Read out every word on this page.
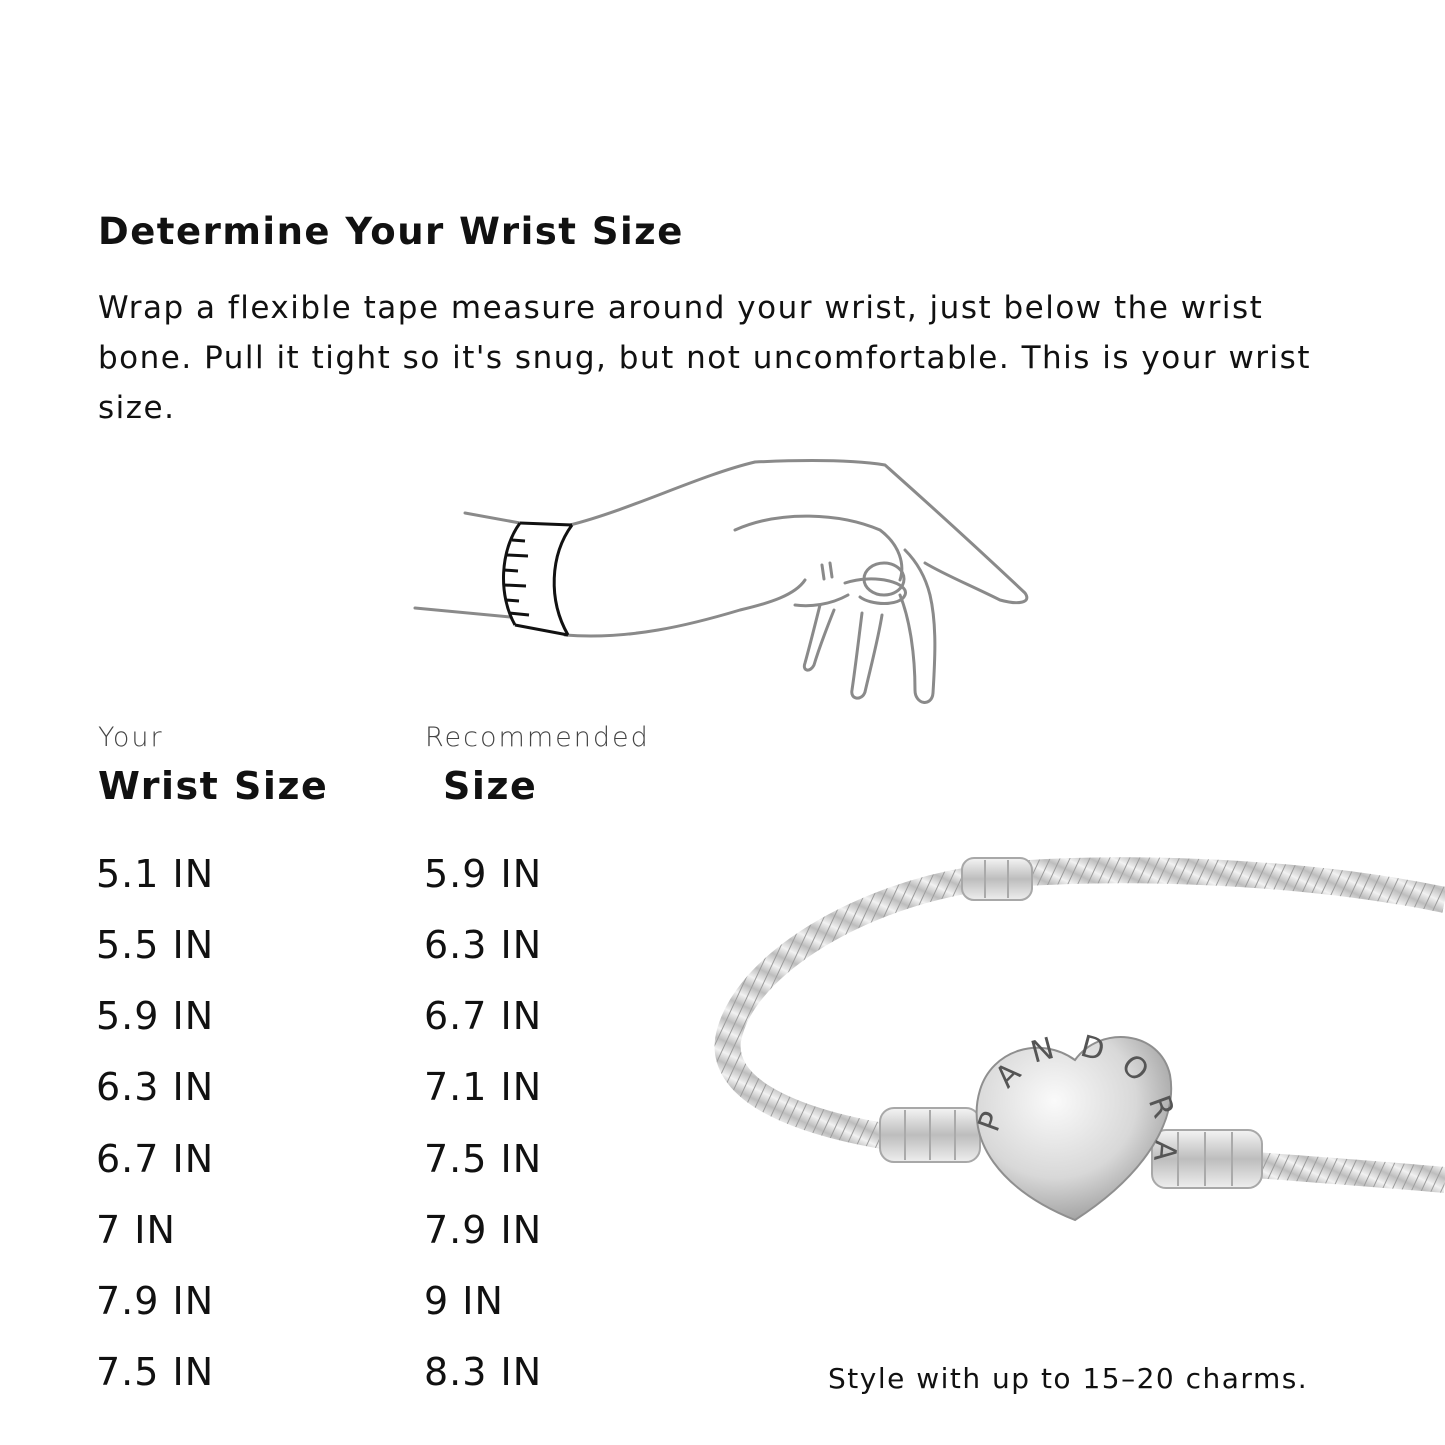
Determine Your Wrist Size

Wrap a flexible tape measure around your wrist, just below the wrist bone. Pull it tight so it's snug, but not uncomfortable. This is your wrist size.

Your
Wrist Size
Recommended
Size
5.1 IN	5.9 IN
5.5 IN	6.3 IN
5.9 IN	6.7 IN
6.3 IN	7.1 IN
6.7 IN	7.5 IN
7 IN	7.9 IN
7.9 IN	9 IN
7.5 IN	8.3 IN
P
A
N D O
R
A
Style with up to 15–20 charms.
